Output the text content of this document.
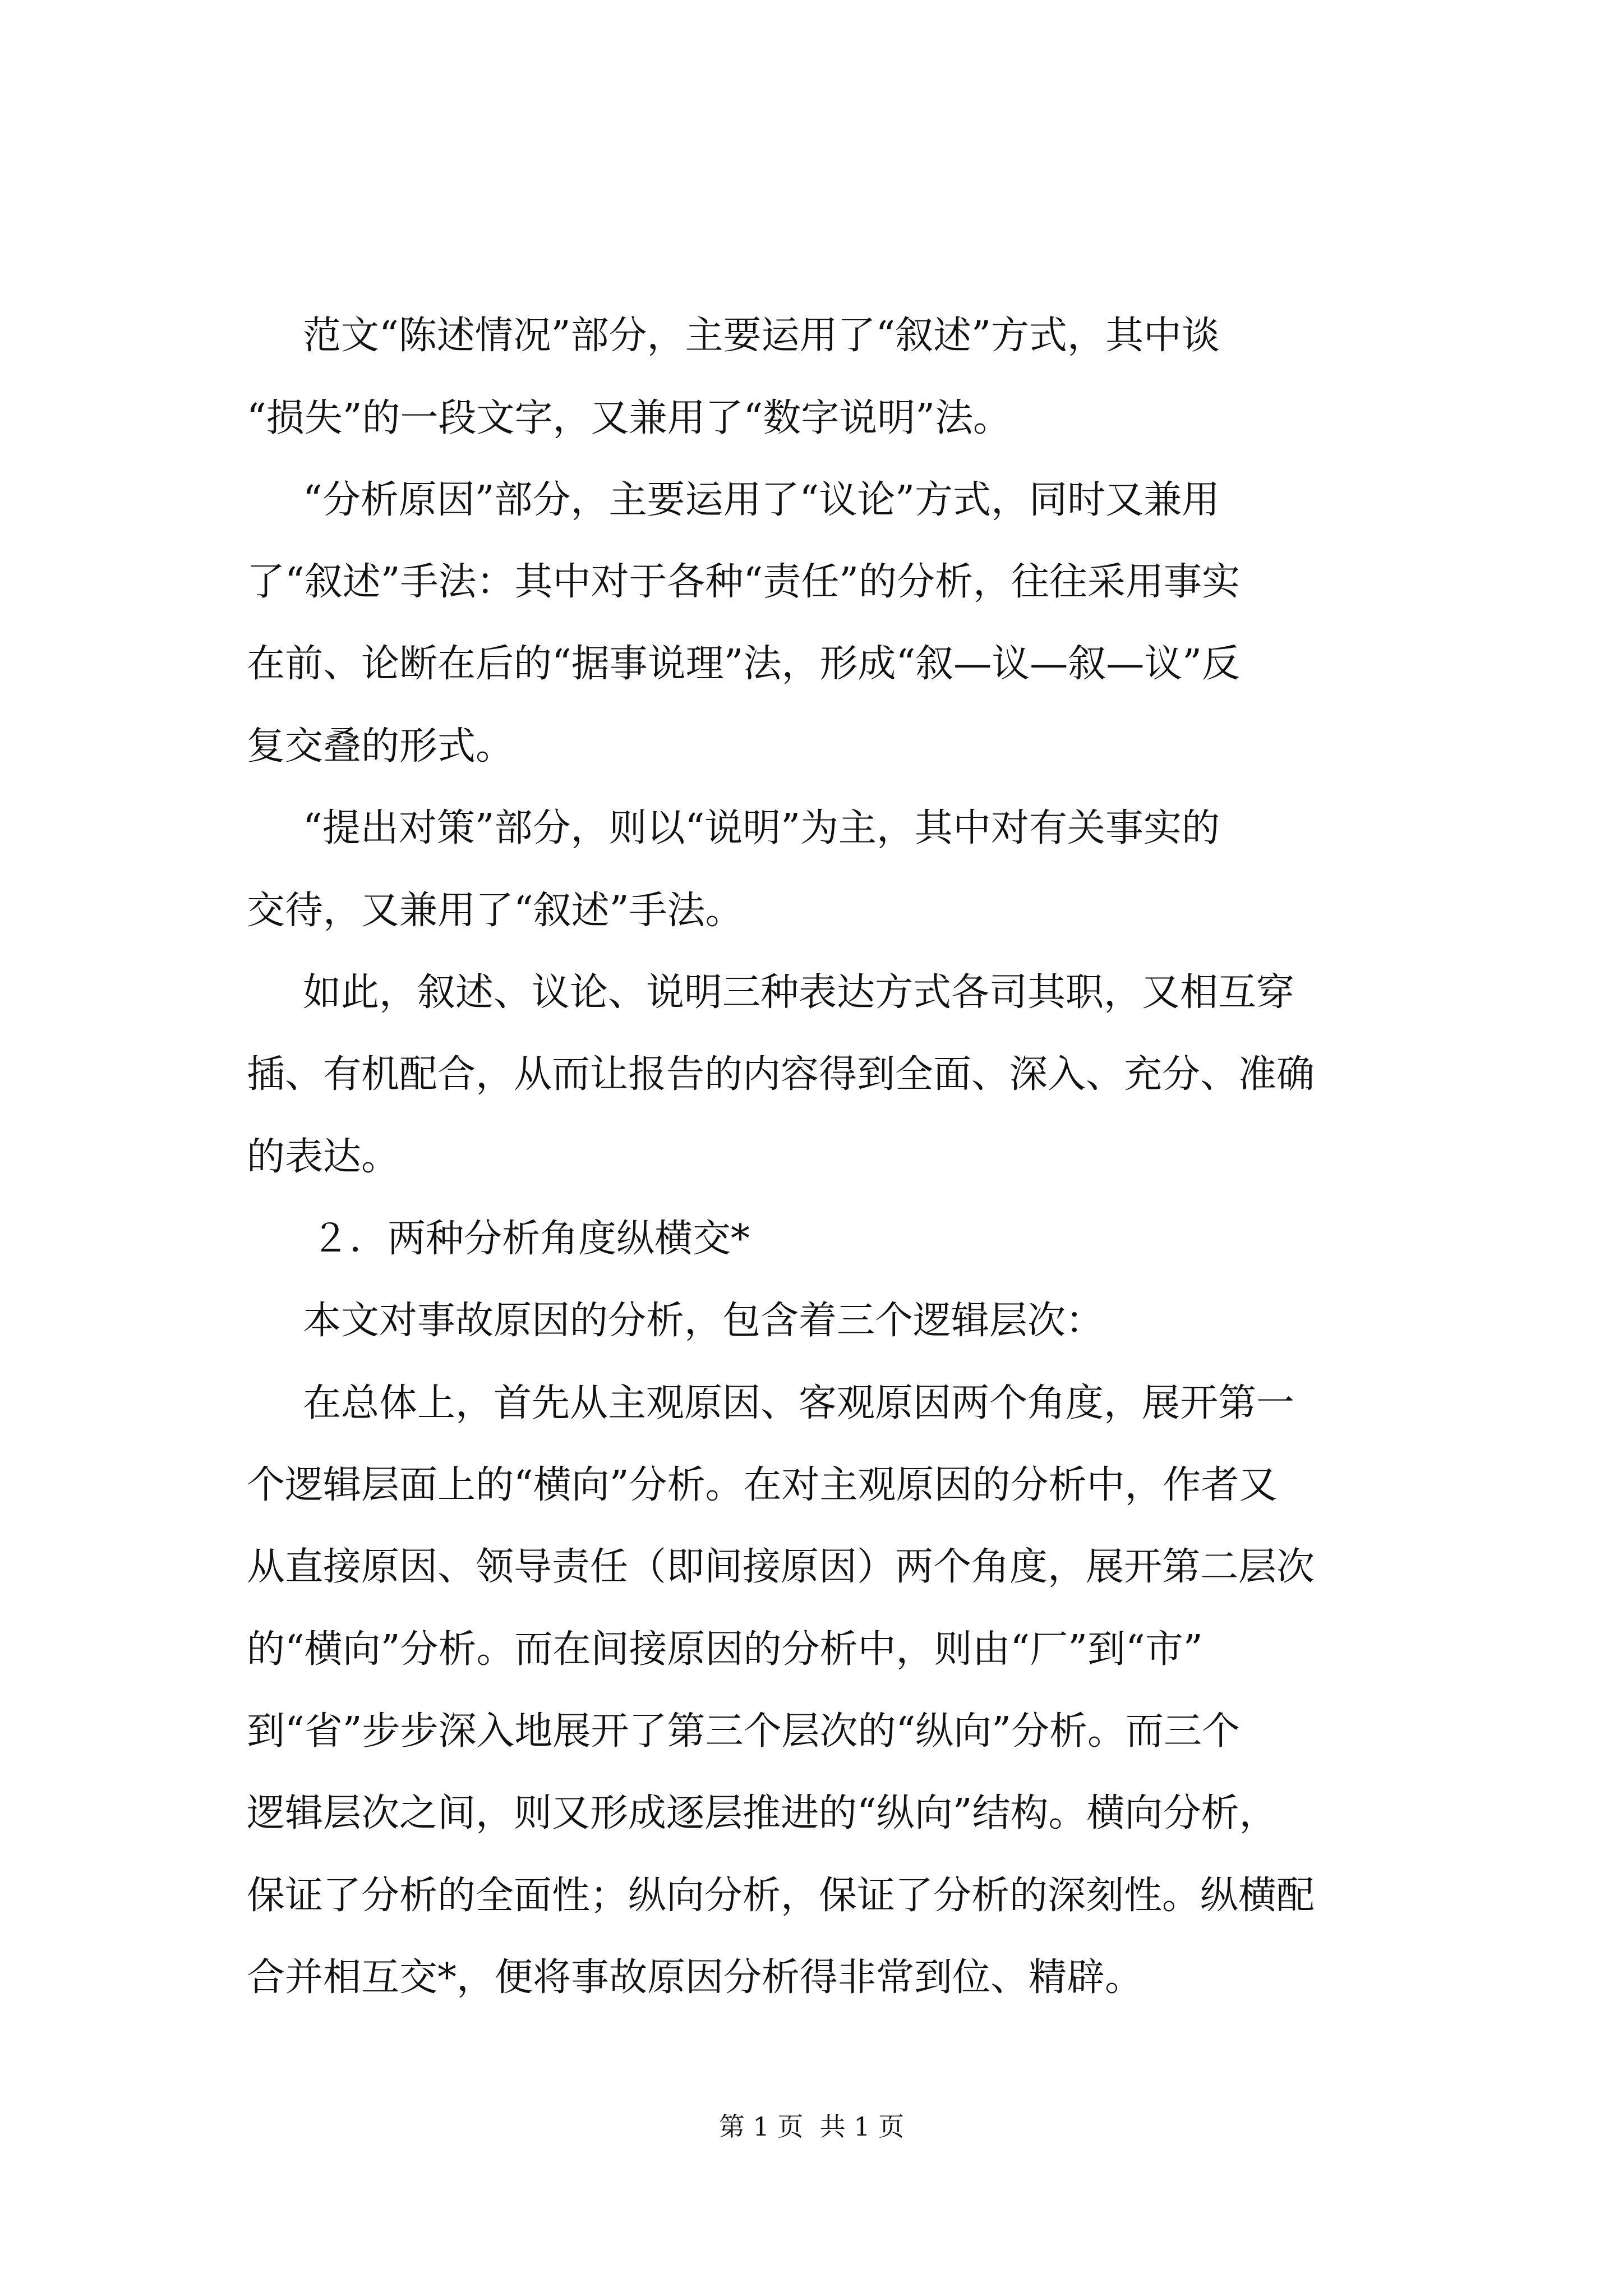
范文“陈述情况”部分，主要运用了“叙述”方式，其中谈
“损失”的一段文字，又兼用了“数字说明”法。
“分析原因”部分，主要运用了“议论”方式，同时又兼用
了“叙述”手法：其中对于各种“责任”的分析，往往采用事实
在前、论断在后的“据事说理”法，形成“叙—议—叙—议”反
复交叠的形式。
“提出对策”部分，则以“说明”为主，其中对有关事实的
交待，又兼用了“叙述”手法。
如此，叙述、议论、说明三种表达方式各司其职，又相互穿
插、有机配合，从而让报告的内容得到全面、深入、充分、准确
的表达。
２．两种分析角度纵横交*
本文对事故原因的分析，包含着三个逻辑层次：
在总体上，首先从主观原因、客观原因两个角度，展开第一
个逻辑层面上的“横向”分析。在对主观原因的分析中，作者又
从直接原因、领导责任（即间接原因）两个角度，展开第二层次
的“横向”分析。而在间接原因的分析中，则由“厂”到“市”
到“省”步步深入地展开了第三个层次的“纵向”分析。而三个
逻辑层次之间，则又形成逐层推进的“纵向”结构。横向分析，
保证了分析的全面性；纵向分析，保证了分析的深刻性。纵横配
合并相互交*，便将事故原因分析得非常到位、精辟。
第 1 页  共 1 页
